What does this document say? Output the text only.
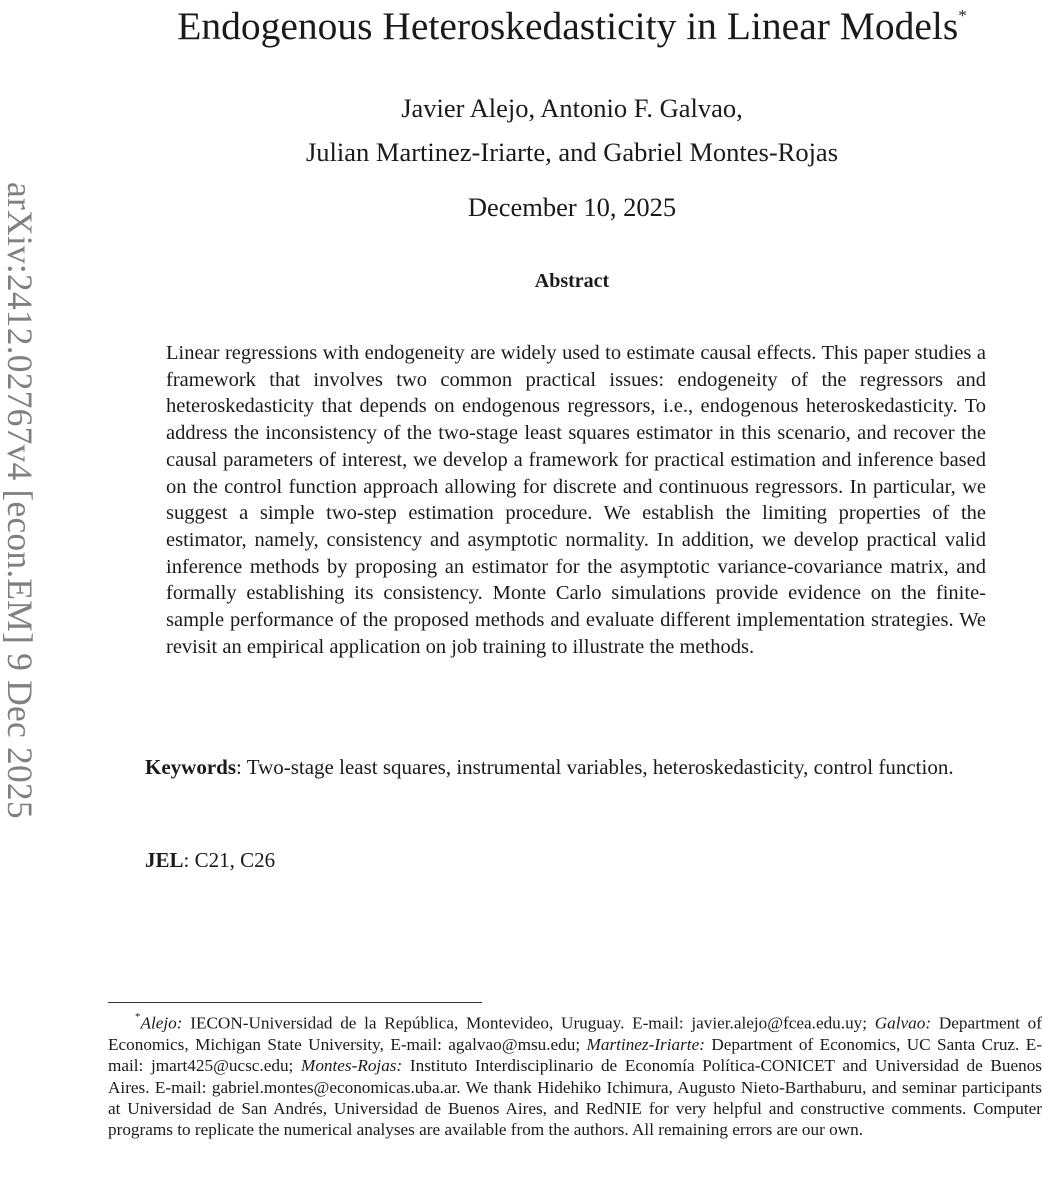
arXiv:2412.02767v4 [econ.EM] 9 Dec 2025
Endogenous Heteroskedasticity in Linear Models*
Javier Alejo, Antonio F. Galvao,
Julian Martinez-Iriarte, and Gabriel Montes-Rojas
December 10, 2025
Abstract

Linear regressions with endogeneity are widely used to estimate causal effects. This paper studies a framework that involves two common practical issues: endogeneity of the regressors and heteroskedasticity that depends on endogenous regressors, i.e., endogenous heteroskedasticity. To address the inconsistency of the two-stage least squares estimator in this scenario, and recover the causal parameters of interest, we develop a framework for practical estimation and inference based on the control function approach allowing for discrete and continuous regressors. In particular, we suggest a simple two-step estimation procedure. We establish the limiting properties of the estimator, namely, consistency and asymptotic normality. In addition, we develop practical valid inference methods by proposing an estimator for the asymptotic variance-covariance matrix, and formally establishing its consistency. Monte Carlo simulations provide evidence on the finite-sample performance of the proposed methods and evaluate different implementation strategies. We revisit an empirical application on job training to illustrate the methods.

Keywords: Two-stage least squares, instrumental variables, heteroskedasticity, control function.

JEL: C21, C26

*Alejo: IECON-Universidad de la República, Montevideo, Uruguay. E-mail: javier.alejo@fcea.edu.uy; Galvao: Department of Economics, Michigan State University, E-mail: agalvao@msu.edu; Martinez-Iriarte: Department of Economics, UC Santa Cruz. E-mail: jmart425@ucsc.edu; Montes-Rojas: Instituto Interdisciplinario de Economía Política-CONICET and Universidad de Buenos Aires. E-mail: gabriel.montes@economicas.uba.ar. We thank Hidehiko Ichimura, Augusto Nieto-Barthaburu, and seminar participants at Universidad de San Andrés, Universidad de Buenos Aires, and RedNIE for very helpful and constructive comments. Computer programs to replicate the numerical analyses are available from the authors. All remaining errors are our own.
